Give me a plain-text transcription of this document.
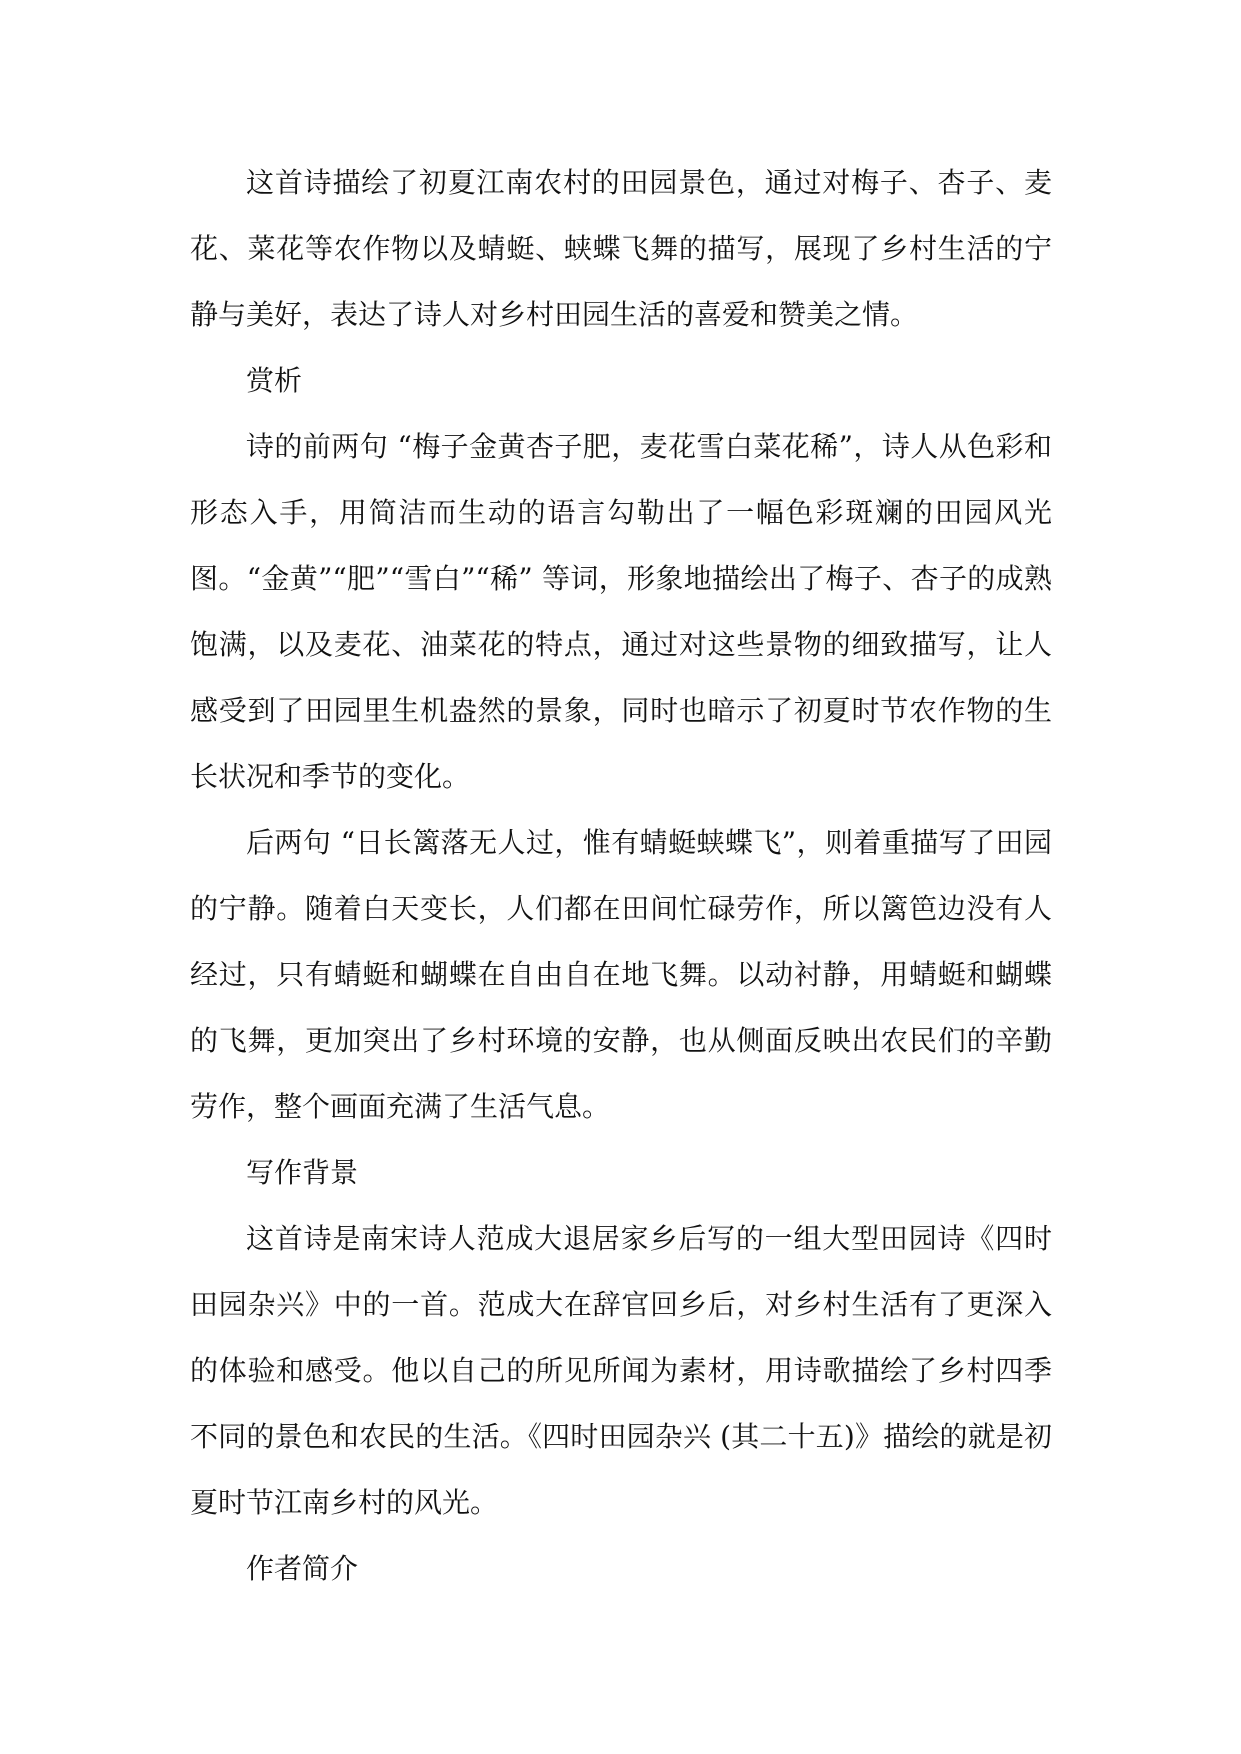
这首诗描绘了初夏江南农村的田园景色，通过对梅子、杏子、麦花、菜花等农作物以及蜻蜓、蛱蝶飞舞的描写，展现了乡村生活的宁静与美好，表达了诗人对乡村田园生活的喜爱和赞美之情。

赏析

诗的前两句 “梅子金黄杏子肥，麦花雪白菜花稀”，诗人从色彩和形态入手，用简洁而生动的语言勾勒出了一幅色彩斑斓的田园风光图。“金黄”“肥”“雪白”“稀” 等词，形象地描绘出了梅子、杏子的成熟饱满，以及麦花、油菜花的特点，通过对这些景物的细致描写，让人感受到了田园里生机盎然的景象，同时也暗示了初夏时节农作物的生长状况和季节的变化。

后两句 “日长篱落无人过，惟有蜻蜓蛱蝶飞”，则着重描写了田园的宁静。随着白天变长，人们都在田间忙碌劳作，所以篱笆边没有人经过，只有蜻蜓和蝴蝶在自由自在地飞舞。以动衬静，用蜻蜓和蝴蝶的飞舞，更加突出了乡村环境的安静，也从侧面反映出农民们的辛勤劳作，整个画面充满了生活气息。

写作背景

这首诗是南宋诗人范成大退居家乡后写的一组大型田园诗《四时田园杂兴》中的一首。范成大在辞官回乡后，对乡村生活有了更深入的体验和感受。他以自己的所见所闻为素材，用诗歌描绘了乡村四季不同的景色和农民的生活。《四时田园杂兴 (其二十五)》描绘的就是初夏时节江南乡村的风光。

作者简介
